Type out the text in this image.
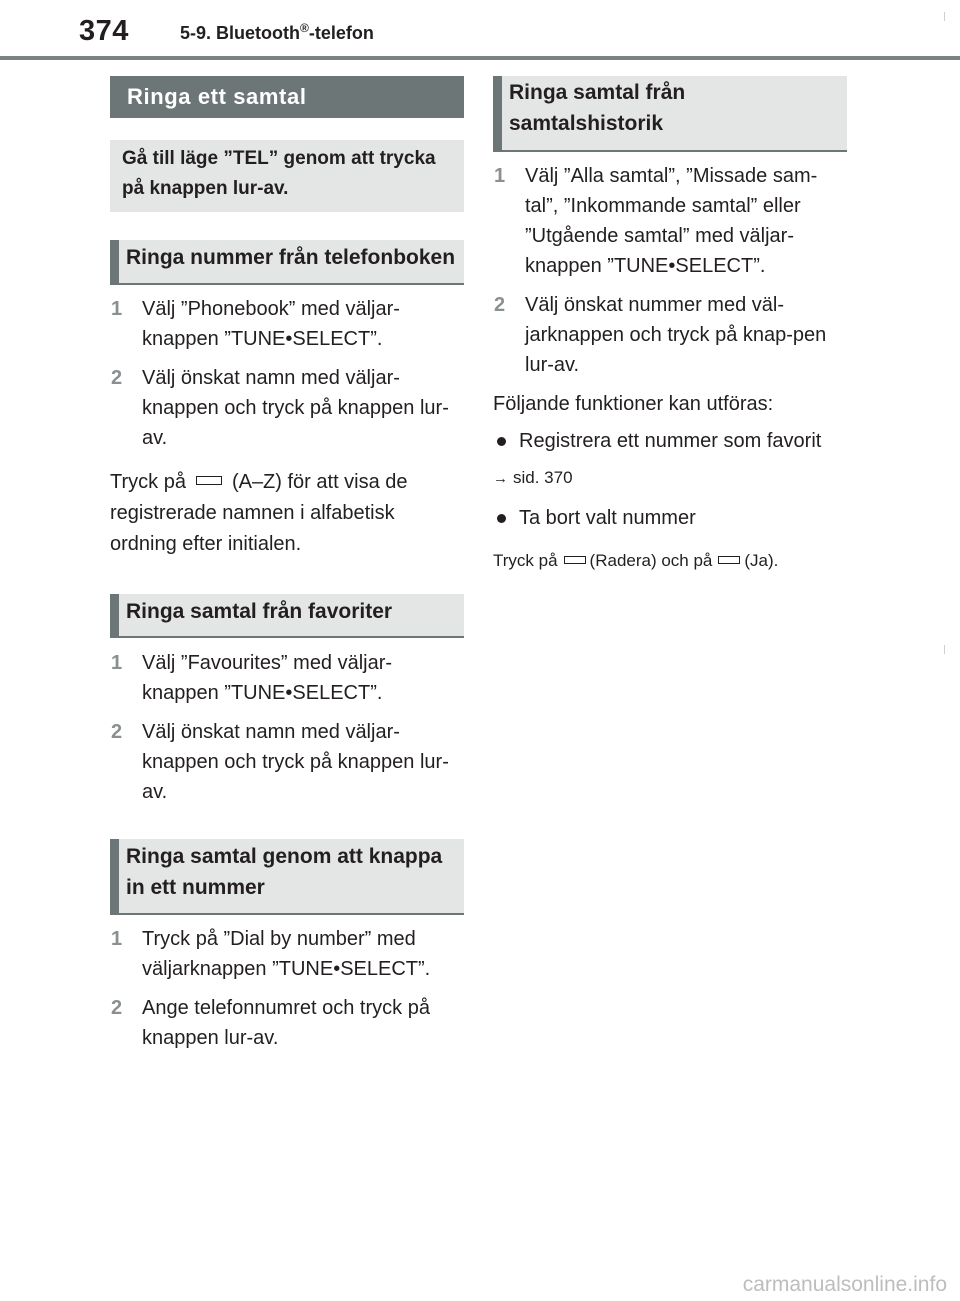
374	5-9. Bluetooth®-telefon
Ringa ett samtal
Gå till läge ”TEL” genom att trycka på knappen lur-av.
Ringa nummer från telefonboken
1 Välj ”Phonebook” med väljar-knappen ”TUNE•SELECT”.
2 Välj önskat namn med väljar-knappen och tryck på knappen lur-av.
Tryck på (A–Z) för att visa de registrerade namnen i alfabetisk ordning efter initialen.
Ringa samtal från favoriter
1 Välj ”Favourites” med väljar-knappen ”TUNE•SELECT”.
2 Välj önskat namn med väljar-knappen och tryck på knappen lur-av.
Ringa samtal genom att knappa in ett nummer
1 Tryck på ”Dial by number” med väljarknappen ”TUNE•SELECT”.
2 Ange telefonnumret och tryck på knappen lur-av.
Ringa samtal från samtalshistorik
1 Välj ”Alla samtal”, ”Missade sam-tal”, ”Inkommande samtal” eller ”Utgående samtal” med väljar-knappen ”TUNE•SELECT”.
2 Välj önskat nummer med väl-jarknappen och tryck på knap-pen lur-av.
Följande funktioner kan utföras:
Registrera ett nummer som favorit
→ sid. 370
Ta bort valt nummer
Tryck på (Radera) och på (Ja).
carmanualsonline.info
